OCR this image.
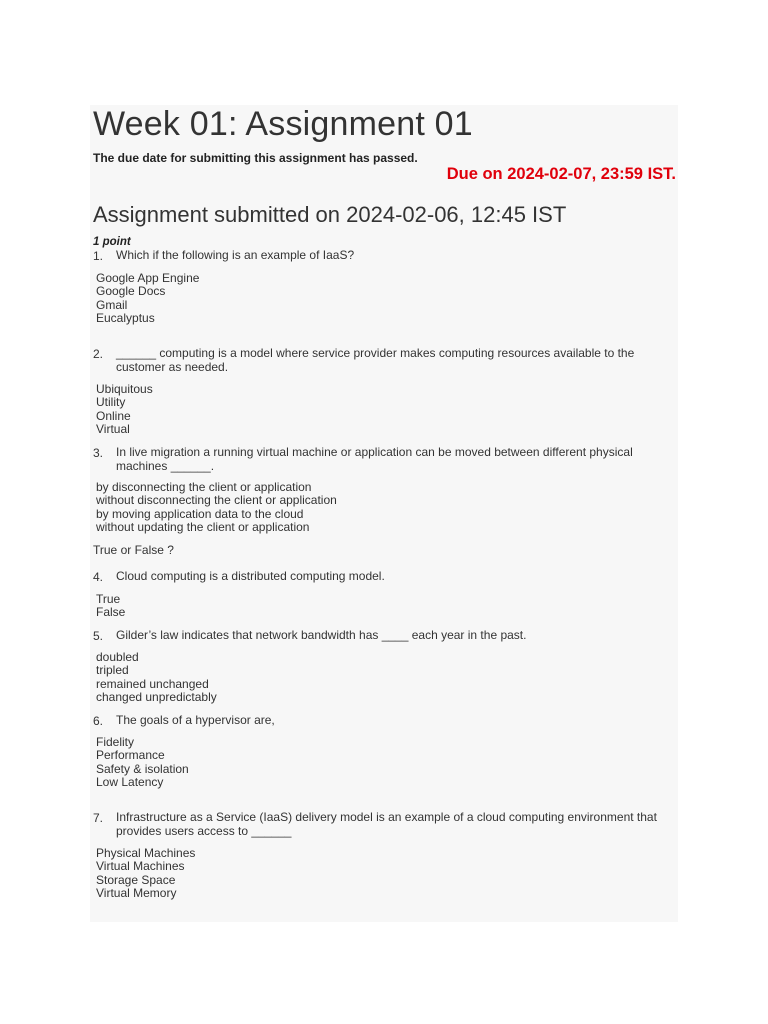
Week 01: Assignment 01
The due date for submitting this assignment has passed.
Due on 2024-02-07, 23:59 IST.
Assignment submitted on 2024-02-06, 12:45 IST
1 point
1. Which if the following is an example of IaaS?
Google App Engine
Google Docs
Gmail
Eucalyptus
2. ______ computing is a model where service provider makes computing resources available to the customer as needed.
Ubiquitous
Utility
Online
Virtual
3. In live migration a running virtual machine or application can be moved between different physical machines ______.
by disconnecting the client or application
without disconnecting the client or application
by moving application data to the cloud
without updating the client or application
True or False ?
4. Cloud computing is a distributed computing model.
True
False
5. Gilder’s law indicates that network bandwidth has ____ each year in the past.
doubled
tripled
remained unchanged
changed unpredictably
6. The goals of a hypervisor are,
Fidelity
Performance
Safety & isolation
Low Latency
7. Infrastructure as a Service (IaaS) delivery model is an example of a cloud computing environment that provides users access to ______
Physical Machines
Virtual Machines
Storage Space
Virtual Memory
